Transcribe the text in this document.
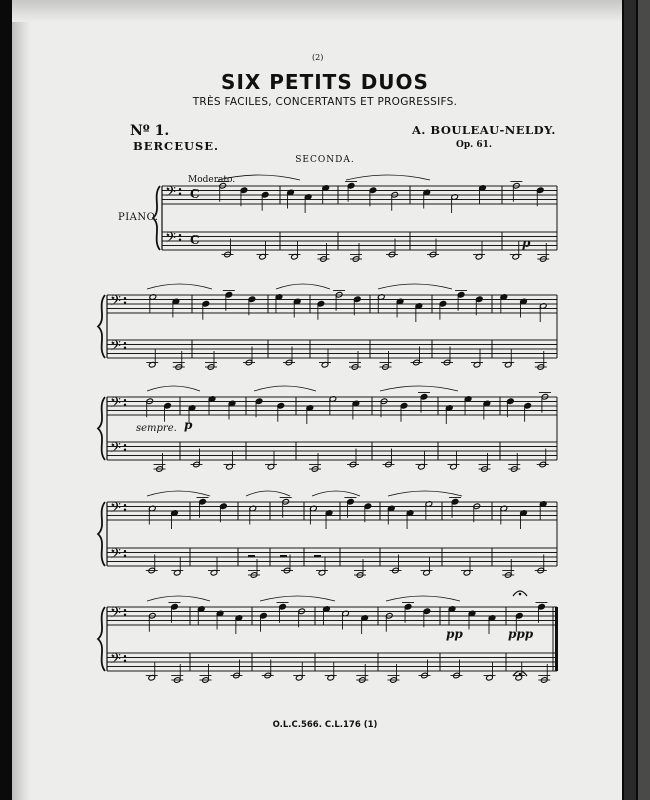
(2)
SIX PETITS DUOS
TRÈS FACILES, CONCERTANTS ET PROGRESSIFS.
Nº 1.
BERCEUSE.
A. BOULEAU-NELDY.
Op. 61.
SECONDA.
Moderato.
PIANO.
p
p
sempre.
pp	ppp
O.L.C.566. C.L.176 (1)
𝄢
𝄢
C
C
𝄢
𝄢
𝄢
𝄢
𝄢
𝄢
𝄢
𝄢
